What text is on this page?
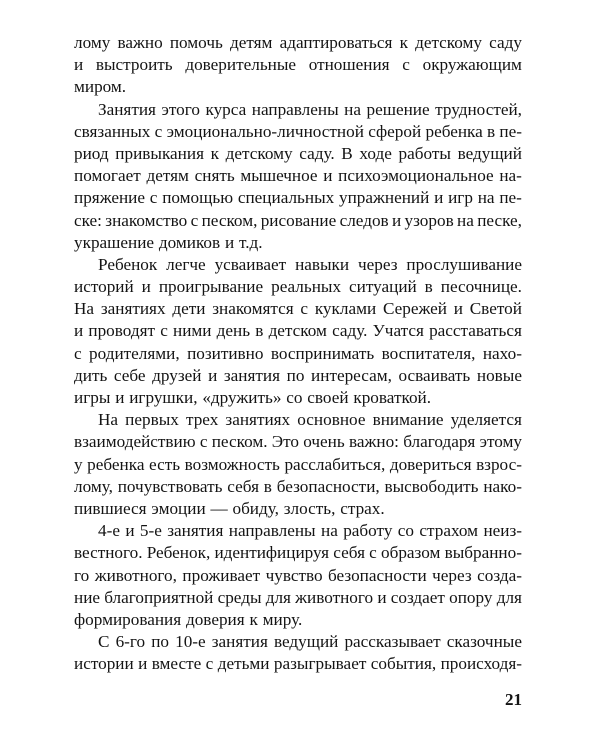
лому важно помочь детям адаптироваться к детскому саду
и выстроить доверительные отношения с окружающим
миром.
Занятия этого курса направлены на решение трудностей,
связанных с эмоционально-личностной сферой ребенка в пе-
риод привыкания к детскому саду. В ходе работы ведущий
помогает детям снять мышечное и психоэмоциональное на-
пряжение с помощью специальных упражнений и игр на пе-
ске: знакомство с песком, рисование следов и узоров на песке,
украшение домиков и т.д.
Ребенок легче усваивает навыки через прослушивание
историй и проигрывание реальных ситуаций в песочнице.
На занятиях дети знакомятся с куклами Сережей и Светой
и проводят с ними день в детском саду. Учатся расставаться
с родителями, позитивно воспринимать воспитателя, нахо-
дить себе друзей и занятия по интересам, осваивать новые
игры и игрушки, «дружить» со своей кроваткой.
На первых трех занятиях основное внимание уделяется
взаимодействию с песком. Это очень важно: благодаря этому
у ребенка есть возможность расслабиться, довериться взрос-
лому, почувствовать себя в безопасности, высвободить нако-
пившиеся эмоции — обиду, злость, страх.
4-е и 5-е занятия направлены на работу со страхом неиз-
вестного. Ребенок, идентифицируя себя с образом выбранно-
го животного, проживает чувство безопасности через созда-
ние благоприятной среды для животного и создает опору для
формирования доверия к миру.
С 6-го по 10-е занятия ведущий рассказывает сказочные
истории и вместе с детьми разыгрывает события, происходя-
21
